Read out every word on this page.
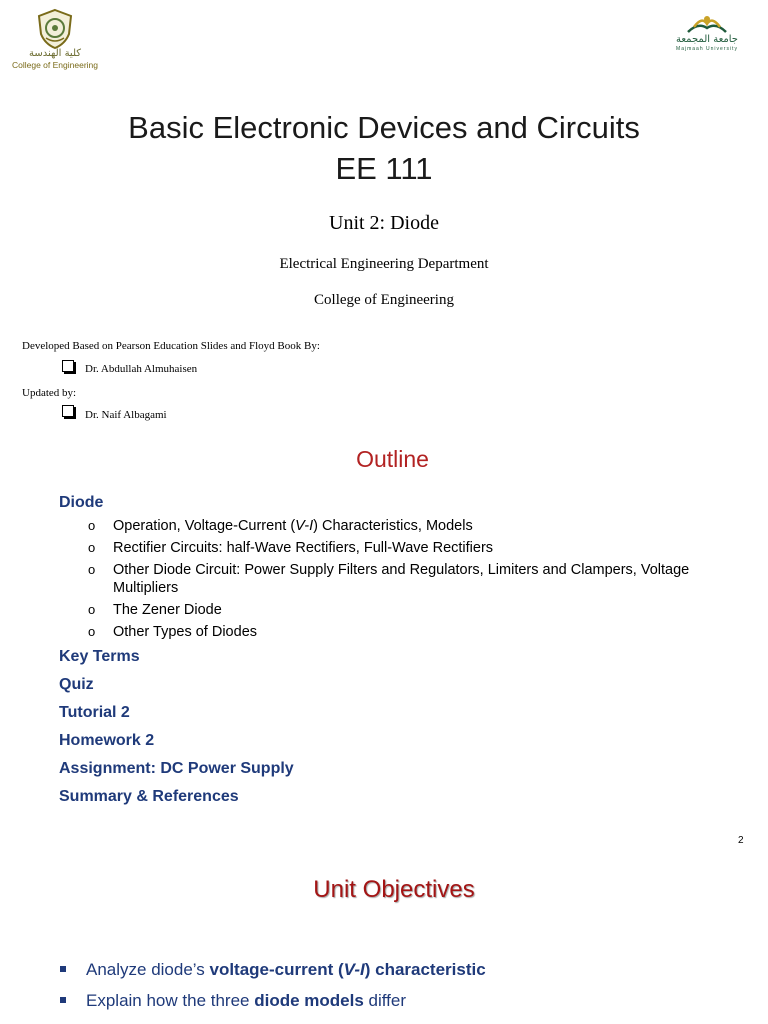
كلية الهندسة
College of Engineering
جامعة المجمعة
Majmaah University
Basic Electronic Devices and Circuits
EE 111
Unit 2: Diode
Electrical Engineering Department
College of Engineering
Developed Based on Pearson Education Slides and Floyd Book By:
Dr. Abdullah Almuhaisen
Updated by:
Dr. Naif Albagami
Outline
Diode
o Operation, Voltage-Current (V-I) Characteristics, Models
o Rectifier Circuits: half-Wave Rectifiers, Full-Wave Rectifiers
o Other Diode Circuit: Power Supply Filters and Regulators, Limiters and Clampers, Voltage Multipliers
o The Zener Diode
o Other Types of Diodes
Key Terms
Quiz
Tutorial 2
Homework 2
Assignment: DC Power Supply
Summary & References
2
Unit Objectives
Analyze diode’s voltage-current (V-I) characteristic
Explain how the three diode models differ
